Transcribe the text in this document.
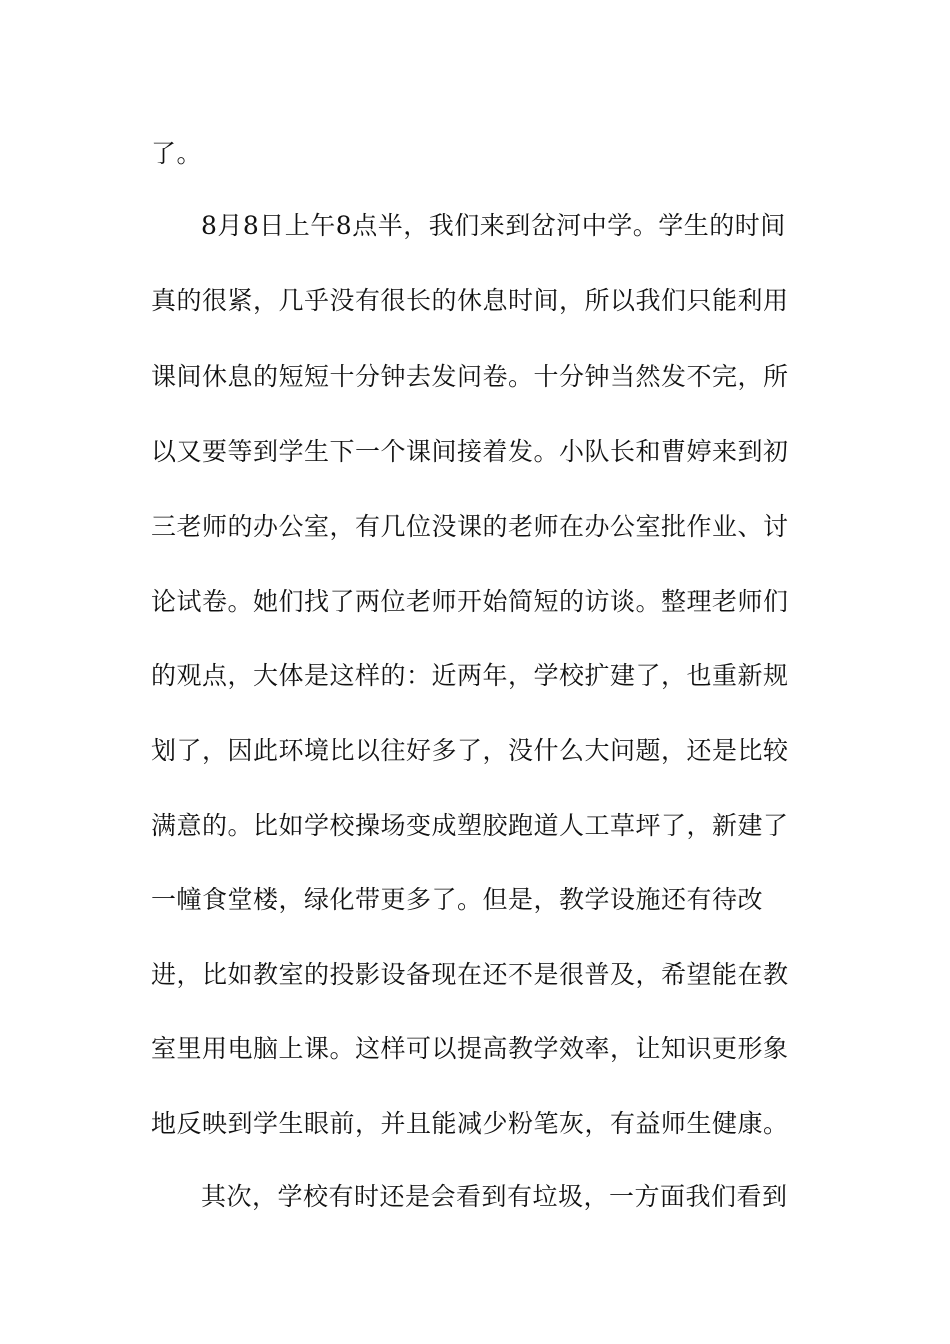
了。
8月8日上午8点半，我们来到岔河中学。学生的时间
真的很紧，几乎没有很长的休息时间，所以我们只能利用
课间休息的短短十分钟去发问卷。十分钟当然发不完，所
以又要等到学生下一个课间接着发。小队长和曹婷来到初
三老师的办公室，有几位没课的老师在办公室批作业、讨
论试卷。她们找了两位老师开始简短的访谈。整理老师们
的观点，大体是这样的：近两年，学校扩建了，也重新规
划了，因此环境比以往好多了，没什么大问题，还是比较
满意的。比如学校操场变成塑胶跑道人工草坪了，新建了
一幢食堂楼，绿化带更多了。但是，教学设施还有待改
进，比如教室的投影设备现在还不是很普及，希望能在教
室里用电脑上课。这样可以提高教学效率，让知识更形象
地反映到学生眼前，并且能减少粉笔灰，有益师生健康。
其次，学校有时还是会看到有垃圾，一方面我们看到
